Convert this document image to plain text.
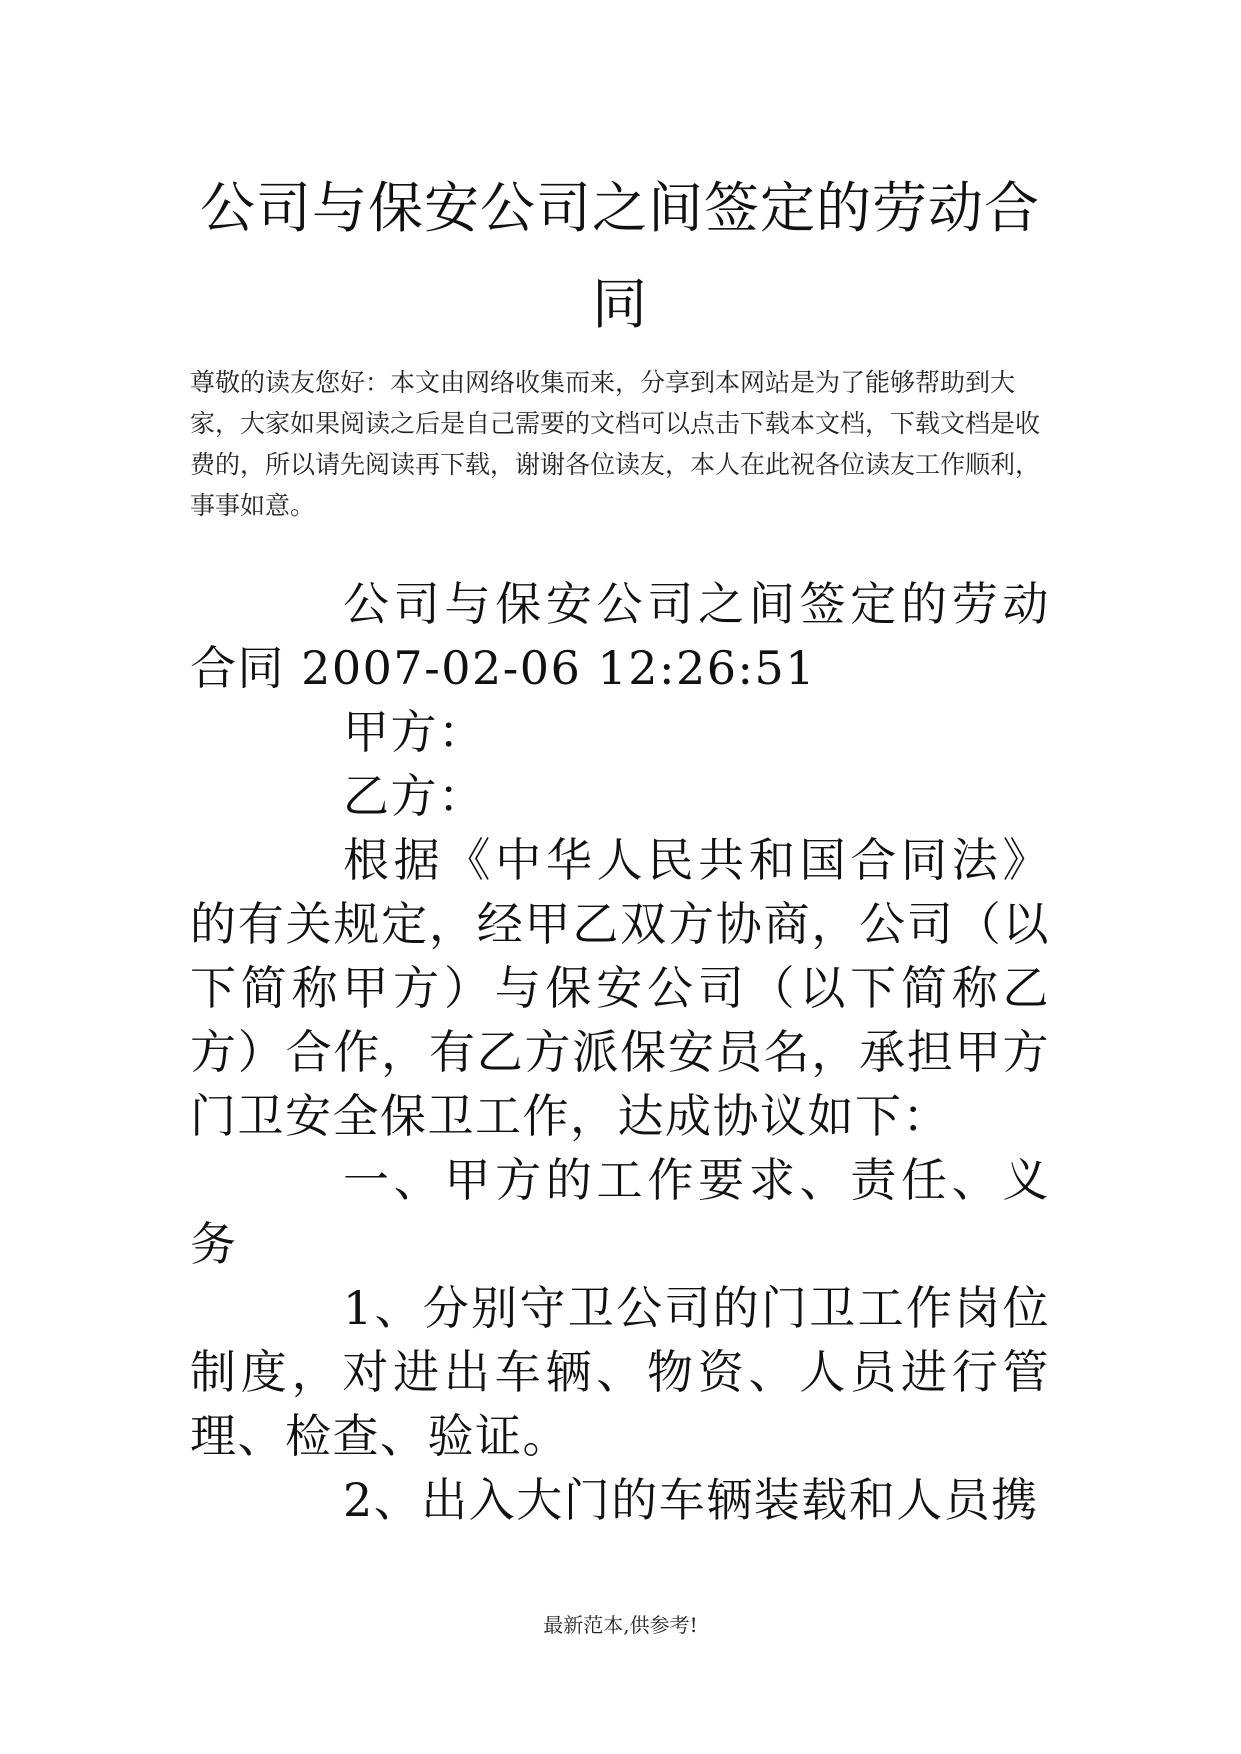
公司与保安公司之间签定的劳动合同

尊敬的读友您好：本文由网络收集而来，分享到本网站是为了能够帮助到大家，大家如果阅读之后是自己需要的文档可以点击下载本文档，下载文档是收费的，所以请先阅读再下载，谢谢各位读友，本人在此祝各位读友工作顺利，事事如意。

公司与保安公司之间签定的劳动合同 2007-02-06 12:26:51

甲方：

乙方：

根据《中华人民共和国合同法》的有关规定，经甲乙双方协商，公司（以下简称甲方）与保安公司（以下简称乙方）合作，有乙方派保安员名，承担甲方门卫安全保卫工作，达成协议如下：

一、甲方的工作要求、责任、义务

1、分别守卫公司的门卫工作岗位制度，对进出车辆、物资、人员进行管理、检查、验证。

2、出入大门的车辆装载和人员携

最新范本,供参考!
